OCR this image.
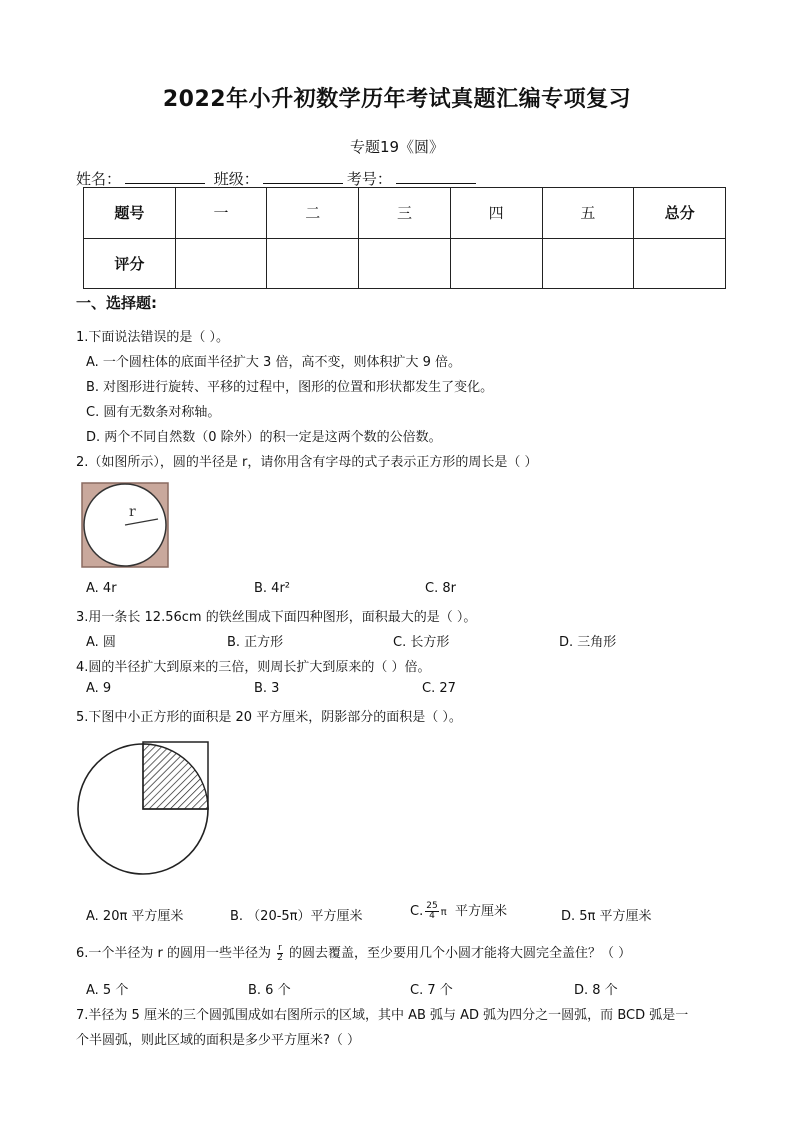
2022年小升初数学历年考试真题汇编专项复习
专题19《圆》
姓名：	班级：	考号：
题号	一	二	三	四	五	总分
评分						
一、选择题:
1.下面说法错误的是（ ）。
A. 一个圆柱体的底面半径扩大 3 倍，高不变，则体积扩大 9 倍。
B. 对图形进行旋转、平移的过程中，图形的位置和形状都发生了变化。
C. 圆有无数条对称轴。
D. 两个不同自然数（0 除外）的积一定是这两个数的公倍数。
2.（如图所示），圆的半径是 r，请你用含有字母的式子表示正方形的周长是（ ）
r
A. 4r	B. 4r²	C. 8r
3.用一条长 12.56cm 的铁丝围成下面四种图形，面积最大的是（ ）。
A. 圆	B. 正方形	C. 长方形	D. 三角形
4.圆的半径扩大到原来的三倍，则周长扩大到原来的（ ）倍。
A. 9	B. 3	C. 27
5.下图中小正方形的面积是 20 平方厘米，阴影部分的面积是（ ）。
A. 20π 平方厘米	B. （20-5π）平方厘米	C. $\frac{25}{4}$ π 平方厘米	D. 5π 平方厘米
6.一个半径为 r 的圆用一些半径为 $\frac{r}{2}$ 的圆去覆盖，至少要用几个小圆才能将大圆完全盖住？（ ）
A. 5 个	B. 6 个	C. 7 个	D. 8 个
7.半径为 5 厘米的三个圆弧围成如右图所示的区域，其中 AB 弧与 AD 弧为四分之一圆弧，而 BCD 弧是一
个半圆弧，则此区域的面积是多少平方厘米?（ ）
